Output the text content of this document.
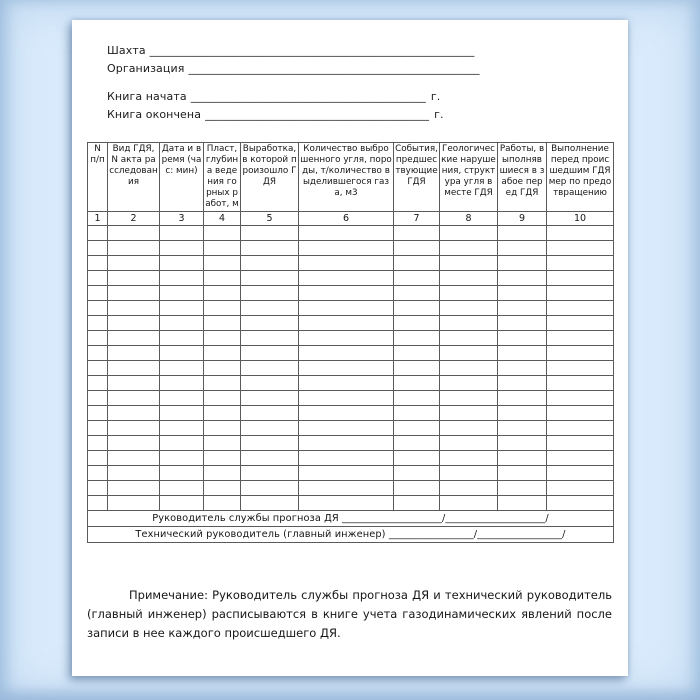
Шахта __________________________________________________________
Организация ____________________________________________________
Книга начата __________________________________________ г.
Книга окончена ________________________________________ г.
N п/п	Вид ГДЯ, N акта расследования	Дата и время (час: мин)	Пласт, глубина ведения горных работ, м	Выработка, в которой произошло ГДЯ	Количество выброшенного угля, породы, т/количество выделившегося газа, м3	События, предшествующие ГДЯ	Геологические нарушения, структура угля в месте ГДЯ	Работы, выполнявшиеся в забое перед ГДЯ	Выполнение перед происшедшим ГДЯ мер по предотвращению
1	2	3	4	5	6	7	8	9	10

Руководитель службы прогноза ДЯ ____________________/____________________/									
Технический руководитель (главный инженер) _________________/_________________/									

Примечание: Руководитель службы прогноза ДЯ и технический руководитель (главный инженер) расписываются в книге учета газодинамических явлений после записи в нее каждого происшедшего ДЯ.
